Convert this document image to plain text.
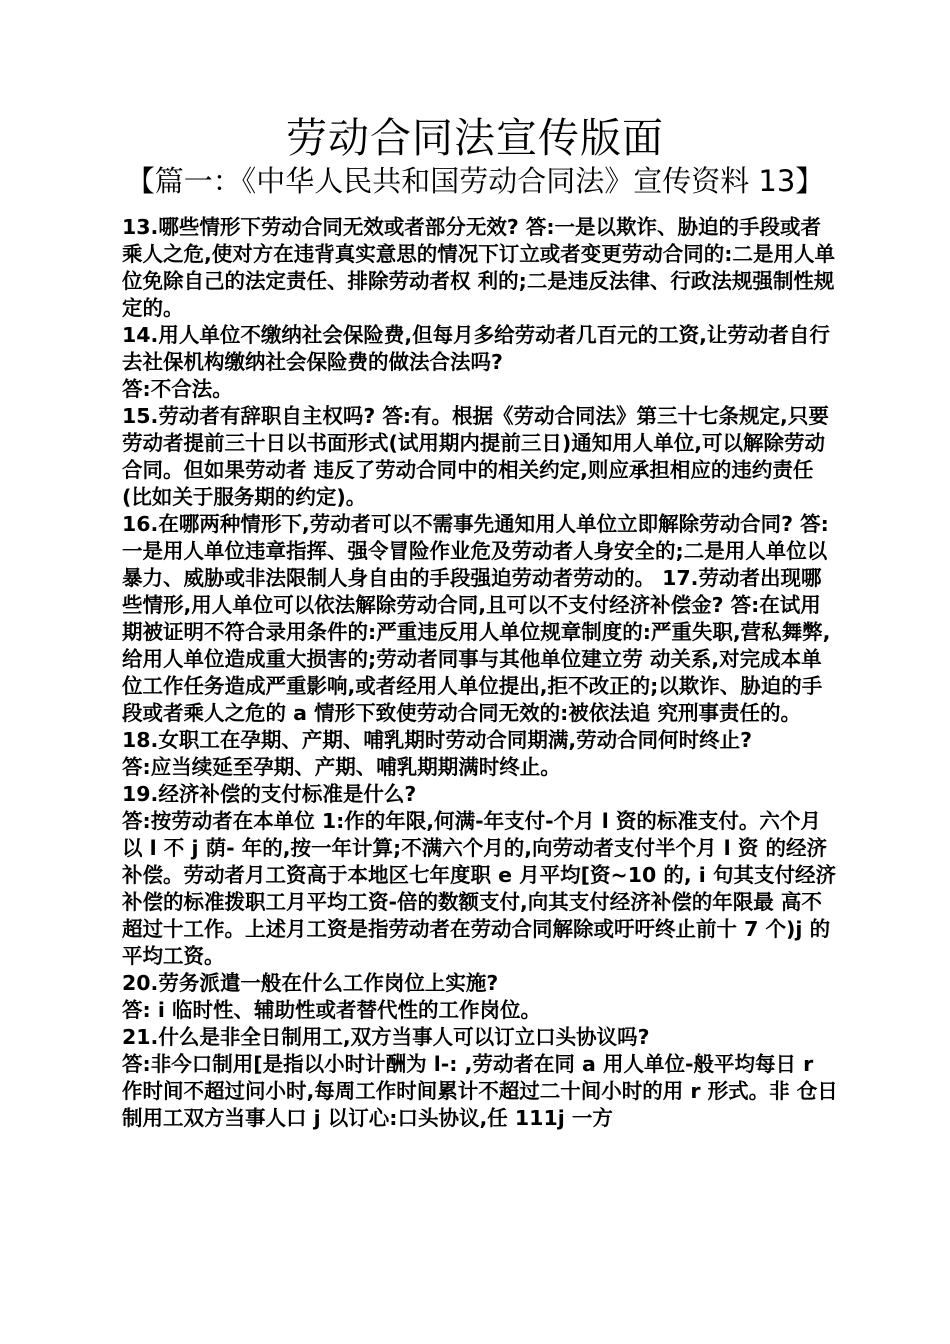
劳动合同法宣传版面
【篇一：《中华人民共和国劳动合同法》宣传资料 13】

13.哪些情形下劳动合同无效或者部分无效? 答:一是以欺诈、胁迫的手段或者乘人之危,使对方在违背真实意思的情况下订立或者变更劳动合同的:二是用人单位免除自己的法定责任、排除劳动者权 利的;二是违反法律、行政法规强制性规定的。

14.用人单位不缴纳社会保险费,但每月多给劳动者几百元的工资,让劳动者自行去社保机构缴纳社会保险费的做法合法吗?

答:不合法。

15.劳动者有辞职自主权吗? 答:有。根据《劳动合同法》第三十七条规定,只要劳动者提前三十日以书面形式(试用期内提前三日)通知用人单位,可以解除劳动合同。但如果劳动者 违反了劳动合同中的相关约定,则应承担相应的违约责任(比如关于服务期的约定)。

16.在哪两种情形下,劳动者可以不需事先通知用人单位立即解除劳动合同? 答:一是用人单位违章指挥、强令冒险作业危及劳动者人身安全的;二是用人单位以暴力、威胁或非法限制人身自由的手段强迫劳动者劳动的。 17.劳动者出现哪些情形,用人单位可以依法解除劳动合同,且可以不支付经济补偿金? 答:在试用期被证明不符合录用条件的:严重违反用人单位规章制度的:严重失职,营私舞弊,给用人单位造成重大损害的;劳动者同事与其他单位建立劳 动关系,对完成本单位工作任务造成严重影响,或者经用人单位提出,拒不改正的;以欺诈、胁迫的手段或者乘人之危的 a 情形下致使劳动合同无效的:被依法追 究刑事责任的。

18.女职工在孕期、产期、哺乳期时劳动合同期满,劳动合同何时终止?

答:应当续延至孕期、产期、哺乳期期满时终止。

19.经济补偿的支付标准是什么?

答:按劳动者在本单位 1:作的年限,何满-年支付-个月 l 资的标准支付。六个月以 l 不 j 荫- 年的,按一年计算;不满六个月的,向劳动者支付半个月 l 资 的经济补偿。劳动者月工资高于本地区七年度职 e 月平均[资~10 的, i 句其支付经济补偿的标准拨职工月平均工资-倍的数额支付,向其支付经济补偿的年限最 高不超过十工作。上述月工资是指劳动者在劳动合同解除或吁吁终止前十 7 个)j 的平均工资。

20.劳务派遣一般在什么工作岗位上实施?

答: i 临时性、辅助性或者替代性的工作岗位。

21.什么是非全日制用工,双方当事人可以订立口头协议吗?

答:非今口制用[是指以小时计酬为 l-: ,劳动者在同 a 用人单位-般平均每日 r 作时间不超过问小时,每周工作时间累计不超过二十间小时的用 r 形式。非 仓日制用工双方当事人口 j 以订心:口头协议,任 111j 一方
